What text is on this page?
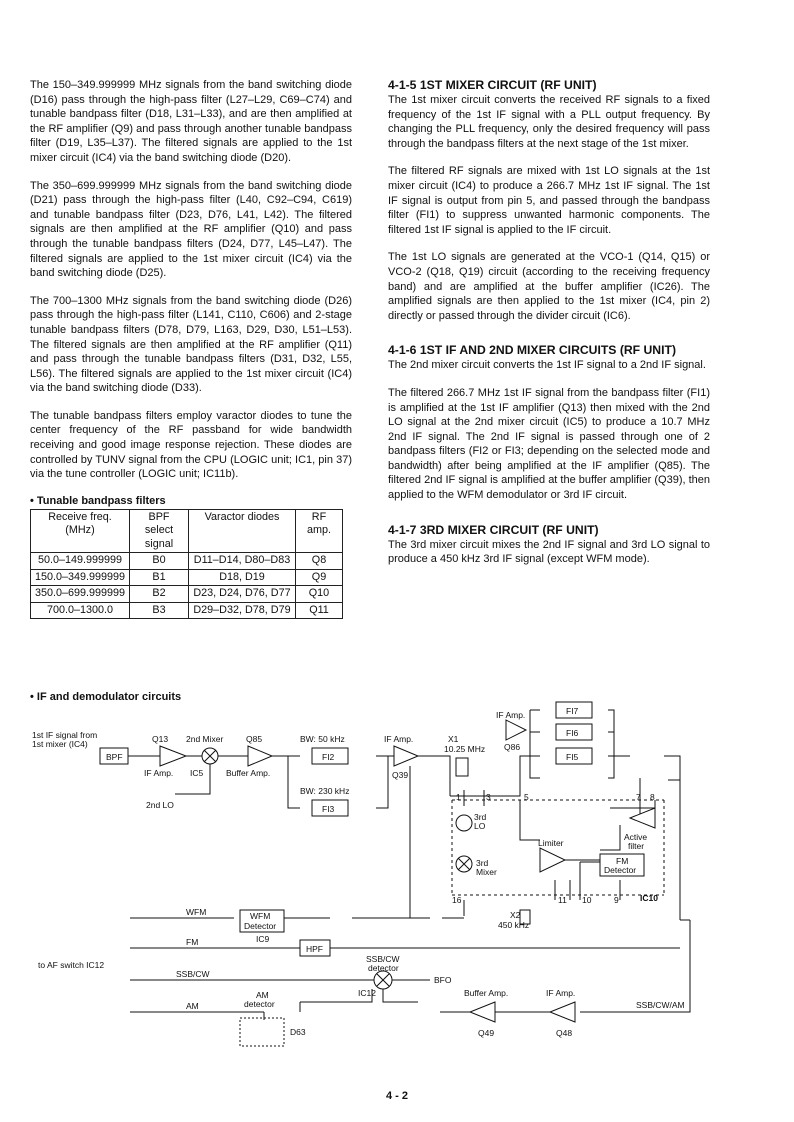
The 150–349.999999 MHz signals from the band switching diode (D16) pass through the high-pass filter (L27–L29, C69–C74) and tunable bandpass filter (D18, L31–L33), and are then amplified at the RF amplifier (Q9) and pass through another tunable bandpass filter (D19, L35–L37). The filtered signals are applied to the 1st mixer circuit (IC4) via the band switching diode (D20).

The 350–699.999999 MHz signals from the band switching diode (D21) pass through the high-pass filter (L40, C92–C94, C619) and tunable bandpass filter (D23, D76, L41, L42). The filtered signals are then amplified at the RF amplifier (Q10) and pass through the tunable bandpass filters (D24, D77, L45–L47). The filtered signals are applied to the 1st mixer circuit (IC4) via the band switching diode (D25).

The 700–1300 MHz signals from the band switching diode (D26) pass through the high-pass filter (L141, C110, C606) and 2-stage tunable bandpass filters (D78, D79, L163, D29, D30, L51–L53). The filtered signals are then amplified at the RF amplifier (Q11) and pass through the tunable bandpass filters (D31, D32, L55, L56). The filtered signals are applied to the 1st mixer circuit (IC4) via the band switching diode (D33).

The tunable bandpass filters employ varactor diodes to tune the center frequency of the RF passband for wide bandwidth receiving and good image response rejection. These diodes are controlled by TUNV signal from the CPU (LOGIC unit; IC1, pin 37) via the tune controller (LOGIC unit; IC11b).

• Tunable bandpass filters
Receive freq. (MHz)	BPF select signal	Varactor diodes	RF amp.
50.0–149.999999	B0	D11–D14, D80–D83	Q8
150.0–349.999999	B1	D18, D19	Q9
350.0–699.999999	B2	D23, D24, D76, D77	Q10
700.0–1300.0	B3	D29–D32, D78, D79	Q11
4-1-5 1ST MIXER CIRCUIT (RF UNIT)

The 1st mixer circuit converts the received RF signals to a fixed frequency of the 1st IF signal with a PLL output frequency. By changing the PLL frequency, only the desired frequency will pass through the bandpass filters at the next stage of the 1st mixer.

The filtered RF signals are mixed with 1st LO signals at the 1st mixer circuit (IC4) to produce a 266.7 MHz 1st IF signal. The 1st IF signal is output from pin 5, and passed through the bandpass filter (FI1) to suppress unwanted harmonic components. The filtered 1st IF signal is applied to the IF circuit.

The 1st LO signals are generated at the VCO-1 (Q14, Q15) or VCO-2 (Q18, Q19) circuit (according to the receiving frequency band) and are amplified at the buffer amplifier (IC26). The amplified signals are then applied to the 1st mixer (IC4, pin 2) directly or passed through the divider circuit (IC6).

4-1-6 1ST IF AND 2ND MIXER CIRCUITS (RF UNIT)

The 2nd mixer circuit converts the 1st IF signal to a 2nd IF signal.

The filtered 266.7 MHz 1st IF signal from the bandpass filter (FI1) is amplified at the 1st IF amplifier (Q13) then mixed with the 2nd LO signal at the 2nd mixer circuit (IC5) to produce a 10.7 MHz 2nd IF signal. The 2nd IF signal is passed through one of 2 bandpass filters (FI2 or FI3; depending on the selected mode and bandwidth) after being amplified at the IF amplifier (Q85). The filtered 2nd IF signal is amplified at the buffer amplifier (Q39), then applied to the WFM demodulator or 3rd IF circuit.

4-1-7 3RD MIXER CIRCUIT (RF UNIT)

The 3rd mixer circuit mixes the 2nd IF signal and 3rd LO signal to produce a 450 kHz 3rd IF signal (except WFM mode).

• IF and demodulator circuits
1st IF signal from
1st mixer (IC4)
BPF
Q13 2nd Mixer	Q85	BW: 50 kHz	IF Amp.
IF Amp. IC5	Buffer Amp.	Q39
2nd LO
BW: 230 kHz
FI2
FI3
IF Amp.	FI7
FI6
FI5
Q86
X1
10.25 MHz
3rd
LO
3rd
Mixer
Limiter
Active
filter
FM
Detector
IC10
1	3	5	7 8
16	11 10	9
X2
450 kHz
WFM	WFM
Detector
IC9
FM
HPF
to AF switch IC12
SSB/CW
SSB/CW
detector
BFO
IC12
AM
AM
detector
Buffer Amp.	IF Amp.
SSB/CW/AM
Q49	Q48
D63
4 - 2
